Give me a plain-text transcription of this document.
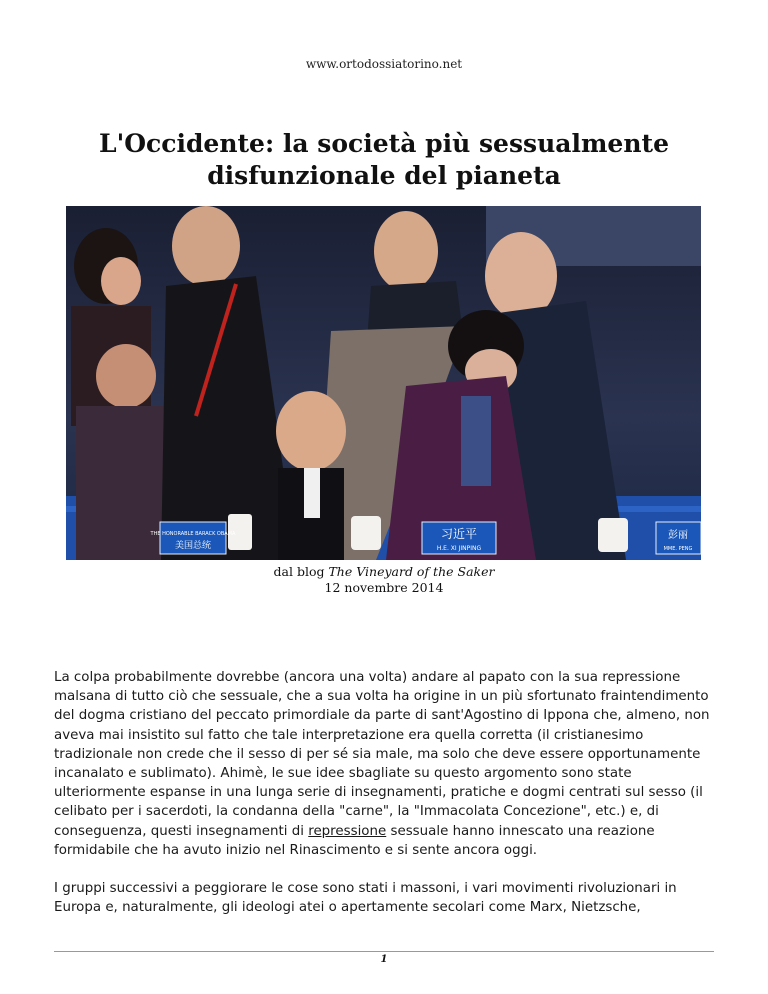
www.ortodossiatorino.net
L'Occidente: la società più sessualmente disfunzionale del pianeta
THE HONORABLE BARACK OBAMA
美国总统
习近平
H.E. XI JINPING
彭丽
MME. PENG
dal blog The Vineyard of the Saker
12 novembre 2014

La colpa probabilmente dovrebbe (ancora una volta) andare al papato con la sua repressione malsana di tutto ciò che sessuale, che a sua volta ha origine in un più sfortunato fraintendimento del dogma cristiano del peccato primordiale da parte di sant'Agostino di Ippona che, almeno, non aveva mai insistito sul fatto che tale interpretazione era quella corretta (il cristianesimo tradizionale non crede che il sesso di per sé sia male, ma solo che deve essere opportunamente incanalato e sublimato). Ahimè, le sue idee sbagliate su questo argomento sono state ulteriormente espanse in una lunga serie di insegnamenti, pratiche e dogmi centrati sul sesso (il celibato per i sacerdoti, la condanna della "carne", la "Immacolata Concezione", etc.) e, di conseguenza, questi insegnamenti di repressione sessuale hanno innescato una reazione formidabile che ha avuto inizio nel Rinascimento e si sente ancora oggi.

I gruppi successivi a peggiorare le cose sono stati i massoni, i vari movimenti rivoluzionari in Europa e, naturalmente, gli ideologi atei o apertamente secolari come Marx, Nietzsche,

1
